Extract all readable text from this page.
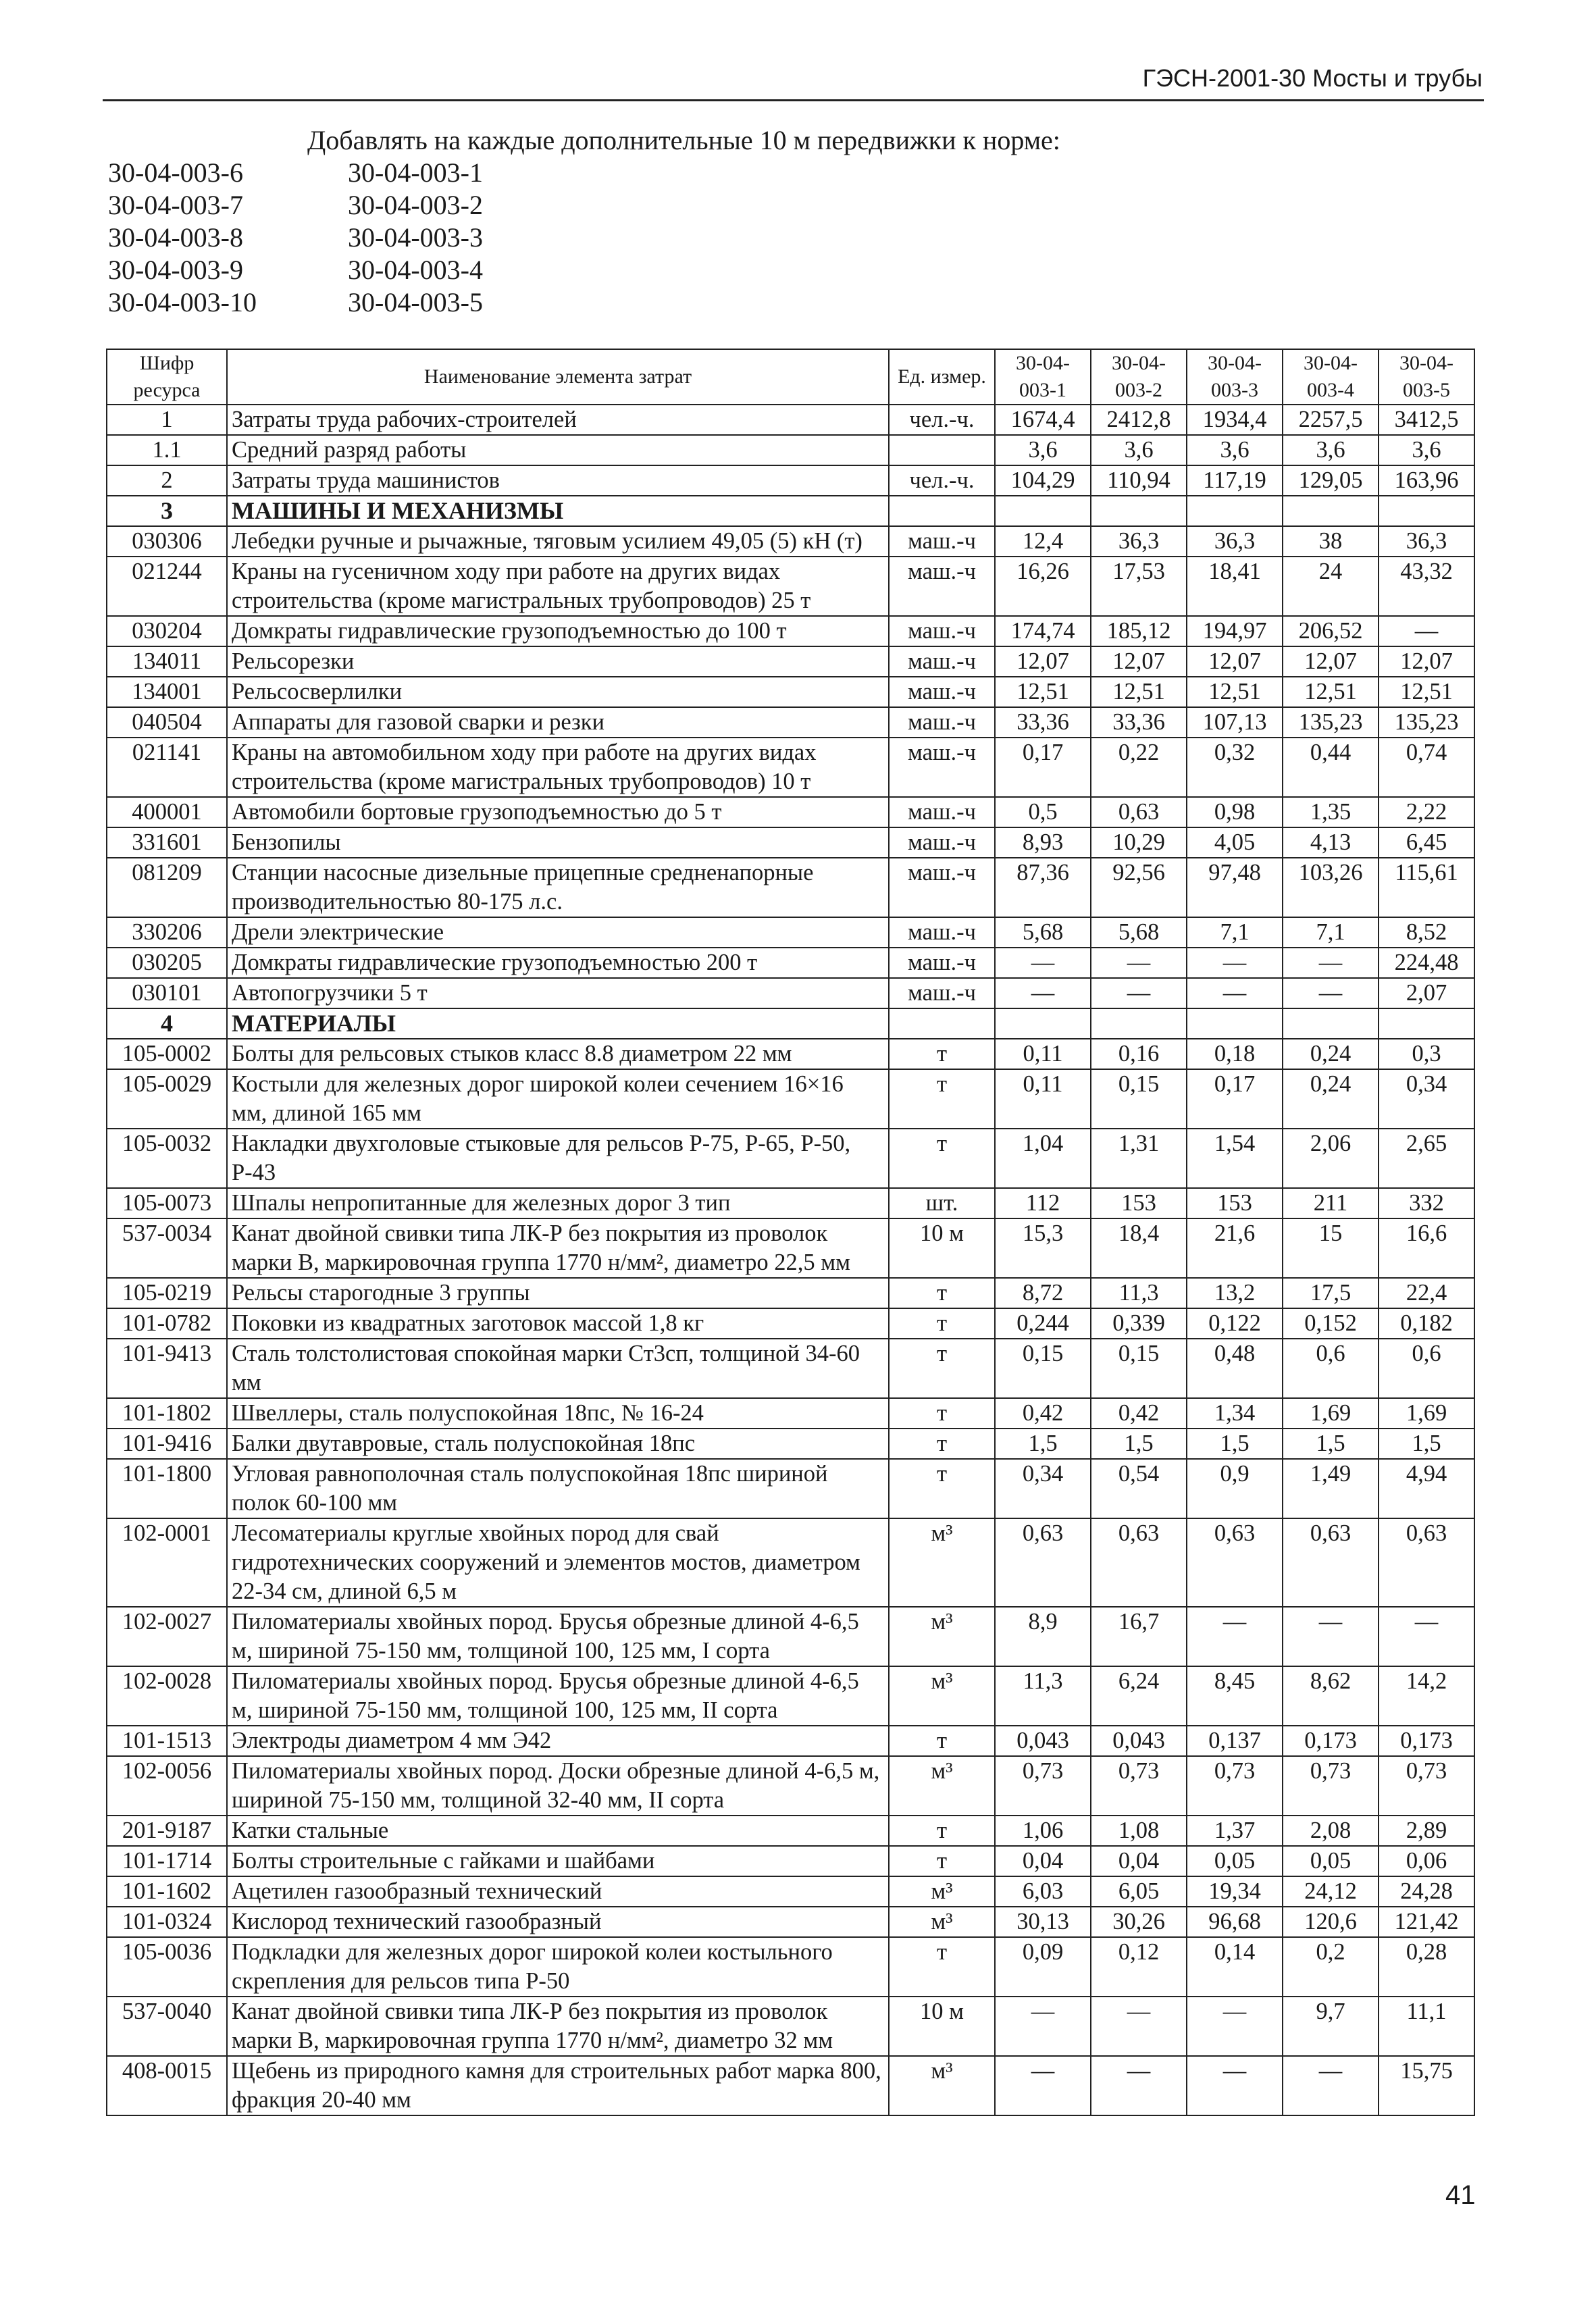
ГЭСН-2001-30 Мосты и трубы
Добавлять на каждые дополнительные 10 м передвижки к норме:
30-04-003-6	30-04-003-1
30-04-003-7	30-04-003-2
30-04-003-8	30-04-003-3
30-04-003-9	30-04-003-4
30-04-003-10	30-04-003-5
Шифр ресурса	Наименование элемента затрат	Ед. измер.	30-04-003-1	30-04-003-2	30-04-003-3	30-04-003-4	30-04-003-5
1	Затраты труда рабочих-строителей	чел.-ч.	1674,4	2412,8	1934,4	2257,5	3412,5
1.1	Средний разряд работы		3,6	3,6	3,6	3,6	3,6
2	Затраты труда машинистов	чел.-ч.	104,29	110,94	117,19	129,05	163,96
3	МАШИНЫ И МЕХАНИЗМЫ						
030306	Лебедки ручные и рычажные, тяговым усилием 49,05 (5) кН (т)	маш.-ч	12,4	36,3	36,3	38	36,3
021244	Краны на гусеничном ходу при работе на других видах строительства (кроме магистральных трубопроводов) 25 т	маш.-ч	16,26	17,53	18,41	24	43,32
030204	Домкраты гидравлические грузоподъемностью до 100 т	маш.-ч	174,74	185,12	194,97	206,52	—
134011	Рельсорезки	маш.-ч	12,07	12,07	12,07	12,07	12,07
134001	Рельсосверлилки	маш.-ч	12,51	12,51	12,51	12,51	12,51
040504	Аппараты для газовой сварки и резки	маш.-ч	33,36	33,36	107,13	135,23	135,23
021141	Краны на автомобильном ходу при работе на других видах строительства (кроме магистральных трубопроводов) 10 т	маш.-ч	0,17	0,22	0,32	0,44	0,74
400001	Автомобили бортовые грузоподъемностью до 5 т	маш.-ч	0,5	0,63	0,98	1,35	2,22
331601	Бензопилы	маш.-ч	8,93	10,29	4,05	4,13	6,45
081209	Станции насосные дизельные прицепные средненапорные производительностью 80-175 л.с.	маш.-ч	87,36	92,56	97,48	103,26	115,61
330206	Дрели электрические	маш.-ч	5,68	5,68	7,1	7,1	8,52
030205	Домкраты гидравлические грузоподъемностью 200 т	маш.-ч	—	—	—	—	224,48
030101	Автопогрузчики 5 т	маш.-ч	—	—	—	—	2,07
4	МАТЕРИАЛЫ						
105-0002	Болты для рельсовых стыков класс 8.8 диаметром 22 мм	т	0,11	0,16	0,18	0,24	0,3
105-0029	Костыли для железных дорог широкой колеи сечением 16×16 мм, длиной 165 мм	т	0,11	0,15	0,17	0,24	0,34
105-0032	Накладки двухголовые стыковые для рельсов Р-75, Р-65, Р-50, Р-43	т	1,04	1,31	1,54	2,06	2,65
105-0073	Шпалы непропитанные для железных дорог 3 тип	шт.	112	153	153	211	332
537-0034	Канат двойной свивки типа ЛК-Р без покрытия из проволок марки В, маркировочная группа 1770 н/мм², диаметро 22,5 мм	10 м	15,3	18,4	21,6	15	16,6
105-0219	Рельсы старогодные 3 группы	т	8,72	11,3	13,2	17,5	22,4
101-0782	Поковки из квадратных заготовок массой 1,8 кг	т	0,244	0,339	0,122	0,152	0,182
101-9413	Сталь толстолистовая спокойная марки Ст3сп, толщиной 34-60 мм	т	0,15	0,15	0,48	0,6	0,6
101-1802	Швеллеры, сталь полуспокойная 18пс, № 16-24	т	0,42	0,42	1,34	1,69	1,69
101-9416	Балки двутавровые, сталь полуспокойная 18пс	т	1,5	1,5	1,5	1,5	1,5
101-1800	Угловая равнополочная сталь полуспокойная 18пс шириной полок 60-100 мм	т	0,34	0,54	0,9	1,49	4,94
102-0001	Лесоматериалы круглые хвойных пород для свай гидротехнических сооружений и элементов мостов, диаметром 22-34 см, длиной 6,5 м	м³	0,63	0,63	0,63	0,63	0,63
102-0027	Пиломатериалы хвойных пород. Брусья обрезные длиной 4-6,5 м, шириной 75-150 мм, толщиной 100, 125 мм, I сорта	м³	8,9	16,7	—	—	—
102-0028	Пиломатериалы хвойных пород. Брусья обрезные длиной 4-6,5 м, шириной 75-150 мм, толщиной 100, 125 мм, II сорта	м³	11,3	6,24	8,45	8,62	14,2
101-1513	Электроды диаметром 4 мм Э42	т	0,043	0,043	0,137	0,173	0,173
102-0056	Пиломатериалы хвойных пород. Доски обрезные длиной 4-6,5 м, шириной 75-150 мм, толщиной 32-40 мм, II сорта	м³	0,73	0,73	0,73	0,73	0,73
201-9187	Катки стальные	т	1,06	1,08	1,37	2,08	2,89
101-1714	Болты строительные с гайками и шайбами	т	0,04	0,04	0,05	0,05	0,06
101-1602	Ацетилен газообразный технический	м³	6,03	6,05	19,34	24,12	24,28
101-0324	Кислород технический газообразный	м³	30,13	30,26	96,68	120,6	121,42
105-0036	Подкладки для железных дорог широкой колеи костыльного скрепления для рельсов типа Р-50	т	0,09	0,12	0,14	0,2	0,28
537-0040	Канат двойной свивки типа ЛК-Р без покрытия из проволок марки В, маркировочная группа 1770 н/мм², диаметро 32 мм	10 м	—	—	—	9,7	11,1
408-0015	Щебень из природного камня для строительных работ марка 800, фракция 20-40 мм	м³	—	—	—	—	15,75
41
